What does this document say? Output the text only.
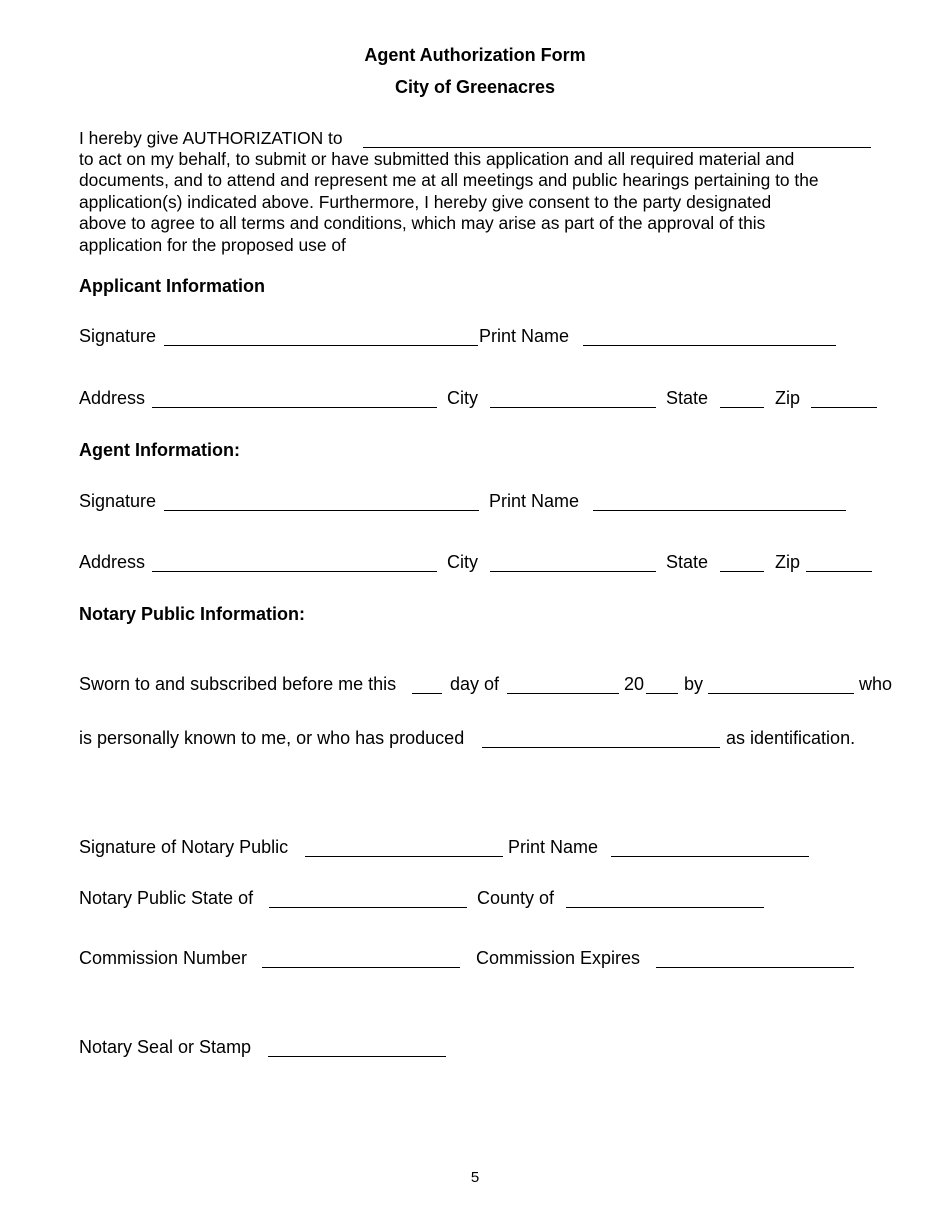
Agent Authorization Form
City of Greenacres
I hereby give AUTHORIZATION to
to act on my behalf, to submit or have submitted this application and all required material and
documents, and to attend and represent me at all meetings and public hearings pertaining to the
application(s) indicated above. Furthermore, I hereby give consent to the party designated
above to agree to all terms and conditions, which may arise as part of the approval of this
application for the proposed use of
Applicant Information
Signature	Print Name
Address	City	State	Zip
Agent Information:
Signature	Print Name
Address	City	State	Zip
Notary Public Information:
Sworn to and subscribed before me this	day of	20 by	who
is personally known to me, or who has produced	as identification.
Signature of Notary Public	Print Name
Notary Public State of	County of
Commission Number	Commission Expires
Notary Seal or Stamp
5
